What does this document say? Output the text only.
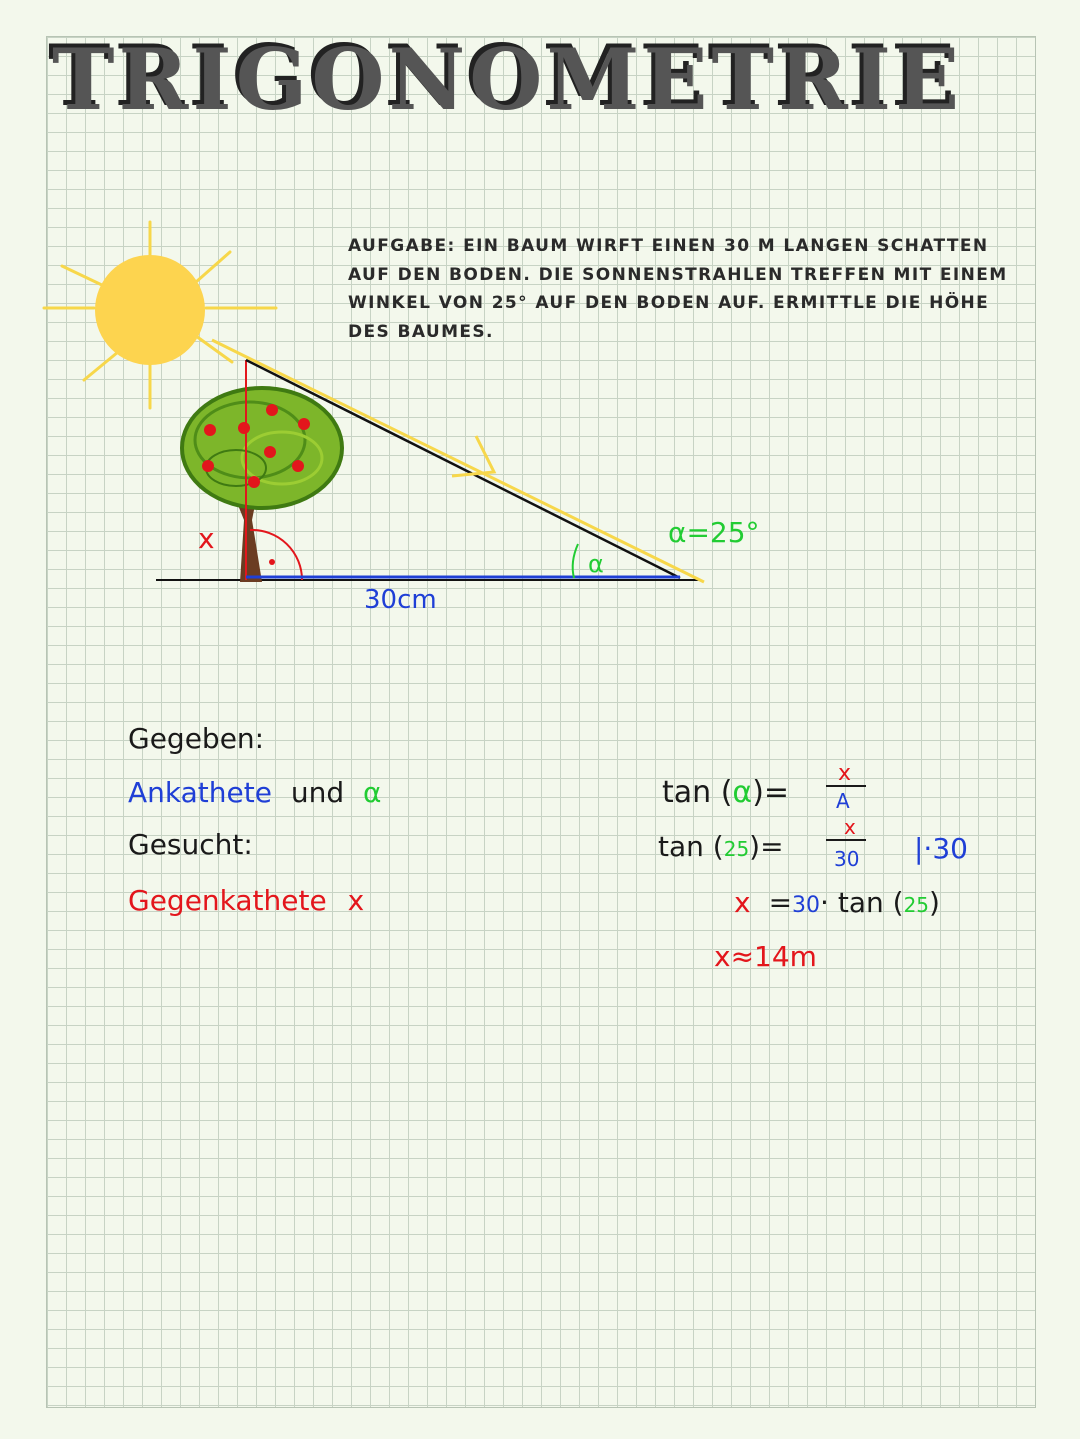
TRIGONOMETRIE
AUFGABE: EIN BAUM WIRFT EINEN 30 M LANGEN SCHATTEN AUF DEN BODEN. DIE SONNENSTRAHLEN TREFFEN MIT EINEM WINKEL VON 25° AUF DEN BODEN AUF. ERMITTLE DIE HÖHE DES BAUMES.
x
30cm
α
α=25°
Gegeben:
Ankathete und α
Gesucht:
Gegenkathete x
tan (α)=
x
A
tan (25)=
x
30 |·30
x =30· tan (25)
x≈14m
